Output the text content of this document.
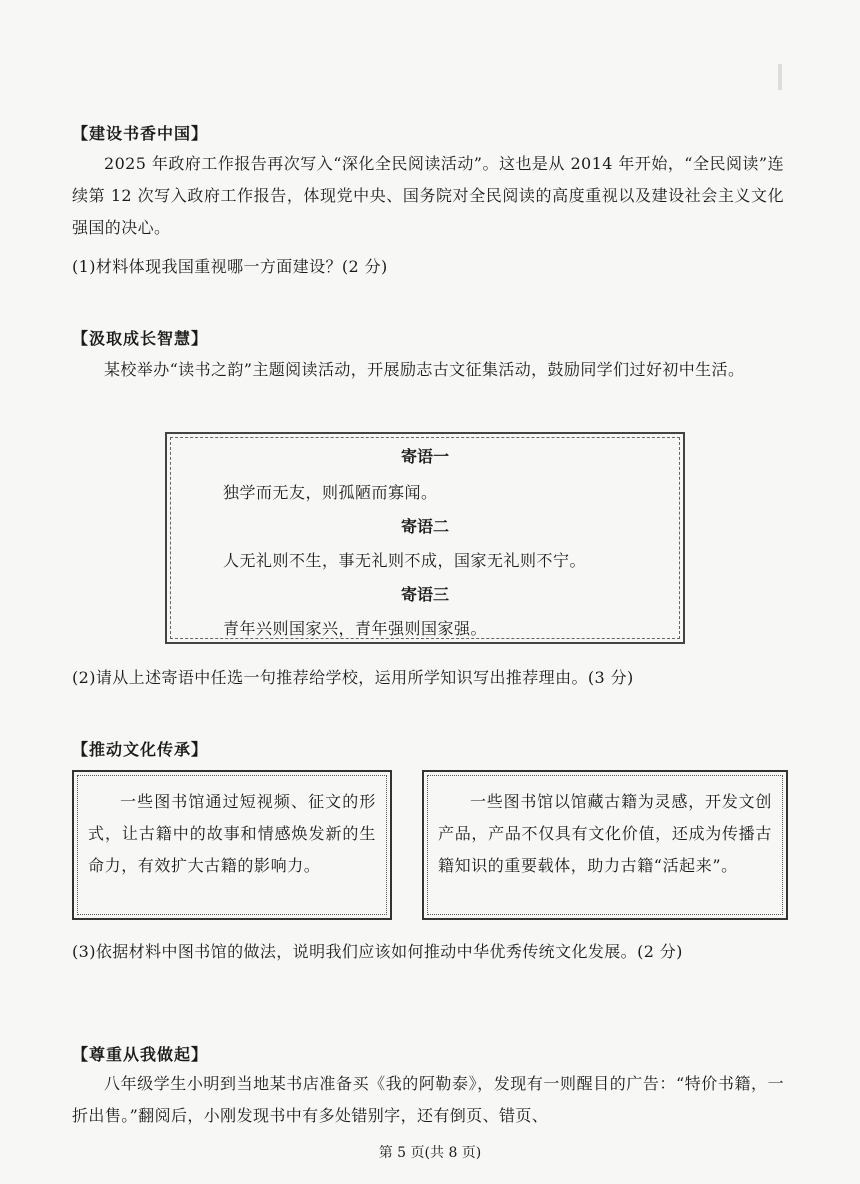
【建设书香中国】

2025 年政府工作报告再次写入“深化全民阅读活动”。这也是从 2014 年开始，“全民阅读”连续第 12 次写入政府工作报告，体现党中央、国务院对全民阅读的高度重视以及建设社会主义文化强国的决心。

(1)材料体现我国重视哪一方面建设？(2 分)

【汲取成长智慧】

某校举办“读书之韵”主题阅读活动，开展励志古文征集活动，鼓励同学们过好初中生活。

寄语一
独学而无友，则孤陋而寡闻。
寄语二
人无礼则不生，事无礼则不成，国家无礼则不宁。
寄语三
青年兴则国家兴，青年强则国家强。

(2)请从上述寄语中任选一句推荐给学校，运用所学知识写出推荐理由。(3 分)

【推动文化传承】

一些图书馆通过短视频、征文的形式，让古籍中的故事和情感焕发新的生命力，有效扩大古籍的影响力。

一些图书馆以馆藏古籍为灵感，开发文创产品，产品不仅具有文化价值，还成为传播古籍知识的重要载体，助力古籍“活起来”。

(3)依据材料中图书馆的做法，说明我们应该如何推动中华优秀传统文化发展。(2 分)

【尊重从我做起】

八年级学生小明到当地某书店准备买《我的阿勒泰》，发现有一则醒目的广告：“特价书籍，一折出售。”翻阅后，小刚发现书中有多处错别字，还有倒页、错页、

第 5 页(共 8 页)
